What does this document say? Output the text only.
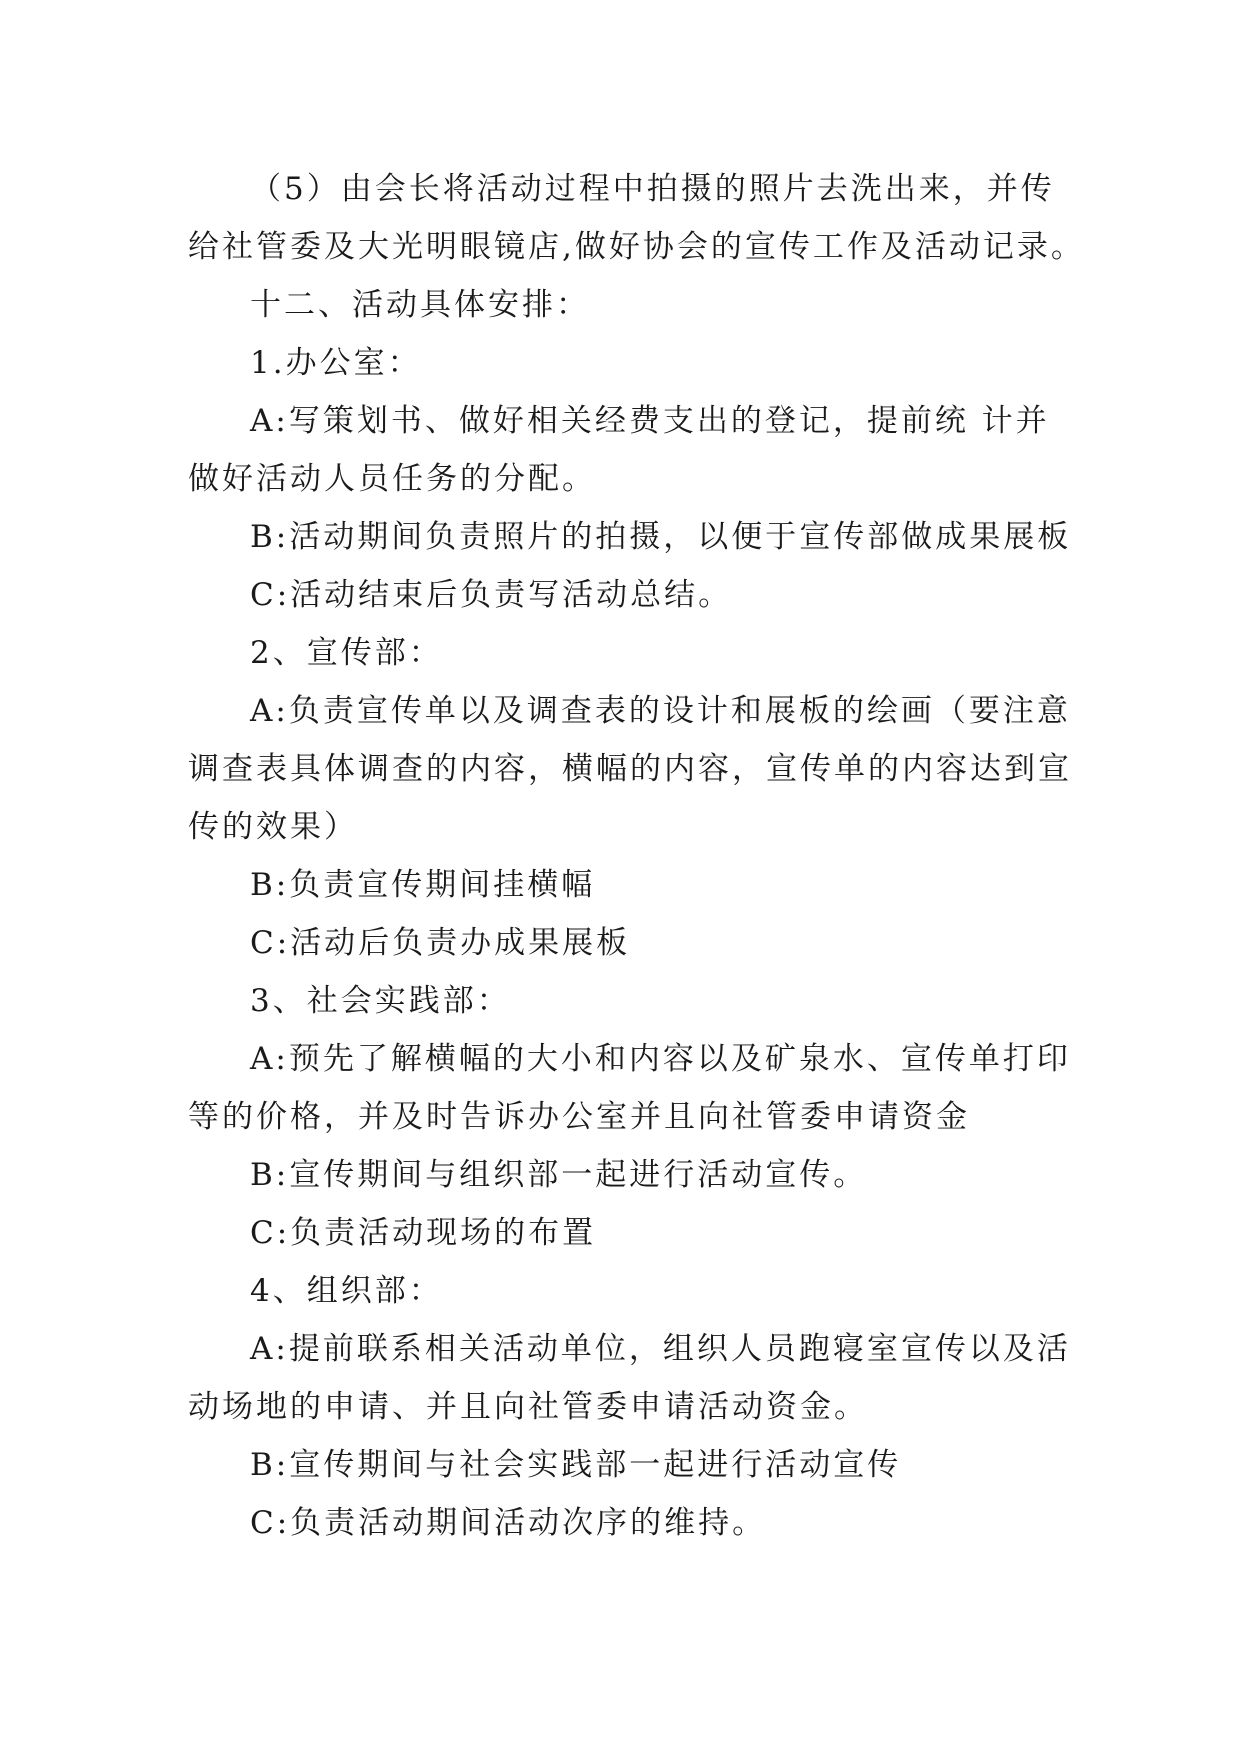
（5）由会长将活动过程中拍摄的照片去洗出来，并传
给社管委及大光明眼镜店,做好协会的宣传工作及活动记录。
十二、活动具体安排：
1.办公室：
A:写策划书、做好相关经费支出的登记，提前统 计并
做好活动人员任务的分配。
B:活动期间负责照片的拍摄，以便于宣传部做成果展板
C:活动结束后负责写活动总结。
2、宣传部：
A:负责宣传单以及调查表的设计和展板的绘画（要注意
调查表具体调查的内容，横幅的内容，宣传单的内容达到宣
传的效果）
B:负责宣传期间挂横幅
C:活动后负责办成果展板
3、社会实践部：
A:预先了解横幅的大小和内容以及矿泉水、宣传单打印
等的价格，并及时告诉办公室并且向社管委申请资金
B:宣传期间与组织部一起进行活动宣传。
C:负责活动现场的布置
4、组织部：
A:提前联系相关活动单位，组织人员跑寝室宣传以及活
动场地的申请、并且向社管委申请活动资金。
B:宣传期间与社会实践部一起进行活动宣传
C:负责活动期间活动次序的维持。
